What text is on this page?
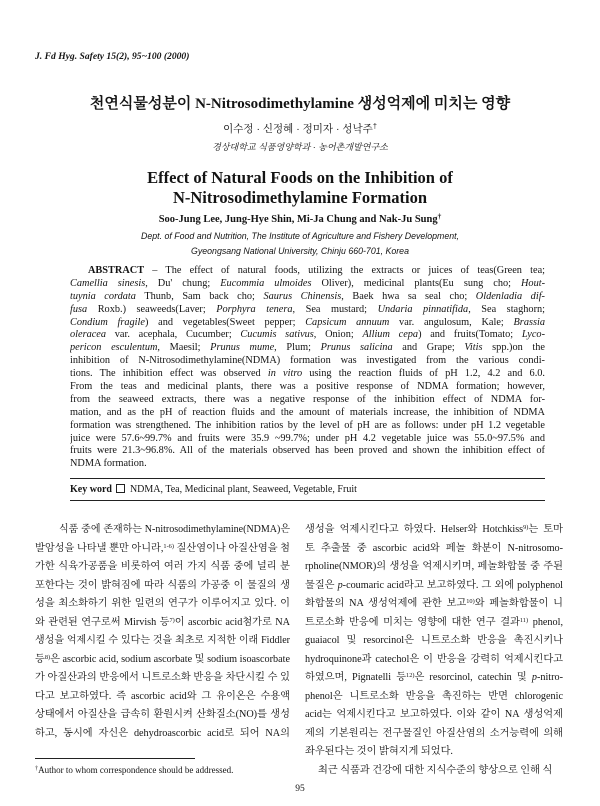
J. Fd Hyg. Safety 15(2), 95~100 (2000)
천연식물성분이 N-Nitrosodimethylamine 생성억제에 미치는 영향
이수정 · 신정혜 · 정미자 · 성낙주†
경상대학교 식품영양학과 · 농어촌개발연구소
Effect of Natural Foods on the Inhibition of
N-Nitrosodimethylamine Formation
Soo-Jung Lee, Jung-Hye Shin, Mi-Ja Chung and Nak-Ju Sung†
Dept. of Food and Nutrition, The Institute of Agriculture and Fishery Development,
Gyeongsang National University, Chinju 660-701, Korea
ABSTRACT – The effect of natural foods, utilizing the extracts or juices of teas(Green tea;
Camellia sinesis, Du' chung; Eucommia ulmoides Oliver), medicinal plants(Eu sung cho; Hout-
tuynia cordata Thunb, Sam back cho; Saurus Chinensis, Baek hwa sa seal cho; Oldenladia dif-
fusa Roxb.) seaweeds(Laver; Porphyra tenera, Sea mustard; Undaria pinnatifida, Sea staghorn;
Condium fragile) and vegetables(Sweet pepper; Capsicum annuum var. angulosum, Kale; Brassia
oleracea var. acephala, Cucumber; Cucumis sativus, Onion; Allium cepa) and fruits(Tomato; Lyco-
pericon esculentum, Maesil; Prunus mume, Plum; Prunus salicina and Grape; Vitis spp.)on the
inhibition of N-Nitrosodimethylamine(NDMA) formation was investigated from the various condi-
tions. The inhibition effect was observed in vitro using the reaction fluids of pH 1.2, 4.2 and 6.0.
From the teas and medicinal plants, there was a positive response of NDMA formation; however,
from the seaweed extracts, there was a negative response of the inhibition effect of NDMA for-
mation, and as the pH of reaction fluids and the amount of materials increase, the inhibition of NDMA
formation was strengthened. The inhibition ratios by the level of pH are as follows: under pH 1.2 vegetable
juice were 57.6~99.7% and fruits were 35.9 ~99.7%; under pH 4.2 vegetable juice was 55.0~97.5% and
fruits were 21.3~96.8%. All of the materials observed has been proved and shown the inhibition effect of
NDMA formation.
Key word NDMA, Tea, Medicinal plant, Seaweed, Vegetable, Fruit
식품 중에 존재하는 N-nitrosodimethylamine(NDMA)은
발암성을 나타낼 뿐만 아니라,$^{1-6)}$ 질산염이나 아질산염을 첨
가한 식육가공품을 비롯하여 여러 가지 식품 중에 널리 분
포한다는 것이 밝혀짐에 따라 식품의 가공중 이 물질의 생
성을 최소화하기 위한 일련의 연구가 이루어지고 있다. 이
와 관련된 연구로써 Mirvish 등$^{7)}$이 ascorbic acid첨가로 NA
생성을 억제시킬 수 있다는 것을 최초로 지적한 이래 Fiddler
등$^{8)}$은 ascorbic acid, sodium ascorbate 및 sodium isoascorbate
가 아질산과의 반응에서 니트로소화 반응을 차단시킬 수 있
다고 보고하였다. 즉 ascorbic acid와 그 유이온은 수용액
상태에서 아질산을 급속히 환원시켜 산화질소(NO)를 생성
하고, 동시에 자신은 dehydroascorbic acid로 되어 NA의
생성을 억제시킨다고 하였다. Helser와 Hotchkiss$^{9)}$는 토마
토 추출물 중 ascorbic acid와 페놀 화분이 N-nitrosomo-
rpholine(NMOR)의 생성을 억제시키며, 페놀화합물 중 주된
물질은 p-coumaric acid라고 보고하였다. 그 외에 polyphenol
화합물의 NA 생성억제에 관한 보고$^{10)}$와 페놀화합물이 니
트로소화 반응에 미치는 영향에 대한 연구 결과$^{11)}$ phenol,
guaiacol 및 resorcinol은 니트로소화 반응을 촉진시키나
hydroquinone과 catechol은 이 반응을 강력히 억제시킨다고
하였으며, Pignatelli 등$^{12)}$은 resorcinol, catechin 및 p-nitro-
phenol은 니트로소화 반응을 촉진하는 반면 chlorogenic
acid는 억제시킨다고 보고하였다. 이와 같이 NA 생성억제
제의 기본원리는 전구물질인 아질산염의 소거능력에 의해
좌우된다는 것이 밝혀지게 되었다.
최근 식품과 건강에 대한 지식수준의 향상으로 인해 식
†Author to whom correspondence should be addressed.
95
